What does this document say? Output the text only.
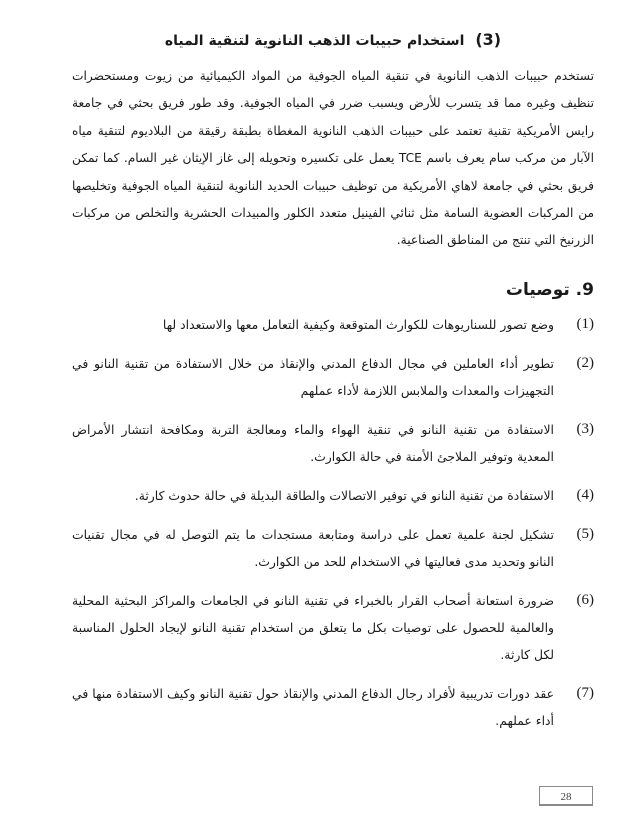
(3) استخدام حبيبات الذهب النانوية لتنقية المياه

تستخدم حبيبات الذهب النانوية في تنقية المياه الجوفية من المواد الكيميائية من زيوت ومستحضرات تنظيف وغيره مما قد يتسرب للأرض ويسبب ضرر في المياه الجوفية. وقد طور فريق بحثي في جامعة رايس الأمريكية تقنية تعتمد على حبيبات الذهب النانوية المغطاة بطبقة رقيقة من البلاديوم لتنقية مياه الآبار من مركب سام يعرف باسم TCE يعمل على تكسيره وتحويله إلى غاز الإيثان غير السام. كما تمكن فريق بحثي في جامعة لاهاي الأمريكية من توظيف حبيبات الحديد النانوية لتنقية المياه الجوفية وتخليصها من المركبات العضوية السامة مثل ثنائي الفينيل متعدد الكلور والمبيدات الحشرية والتخلص من مركبات الزرنيخ التي تنتج من المناطق الصناعية.

9. توصيات
(1)
وضع تصور للسناريوهات للكوارث المتوقعة وكيفية التعامل معها والاستعداد لها
(2)
تطوير أداء العاملين في مجال الدفاع المدني والإنقاذ من خلال الاستفادة من تقنية النانو في التجهيزات والمعدات والملابس اللازمة لأداء عملهم
(3)
الاستفادة من تقنية النانو في تنقية الهواء والماء ومعالجة التربة ومكافحة انتشار الأمراض المعدية وتوفير الملاجئ الأمنة في حالة الكوارث.
(4)
الاستفادة من تقنية النانو في توفير الاتصالات والطاقة البديلة في حالة حدوث كارثة.
(5)
تشكيل لجنة علمية تعمل على دراسة ومتابعة مستجدات ما يتم التوصل له في مجال تقنيات النانو وتحديد مدى فعاليتها في الاستخدام للحد من الكوارث.
(6)
ضرورة استعانة أصحاب القرار بالخبراء في تقنية النانو في الجامعات والمراكز البحثية المحلية والعالمية للحصول على توصيات بكل ما يتعلق من استخدام تقنية النانو لإيجاد الحلول المناسبة لكل كارثة.
(7)
عقد دورات تدريبية لأفراد رجال الدفاع المدني والإنقاذ حول تقنية النانو وكيف الاستفادة منها في أداء عملهم.
28
